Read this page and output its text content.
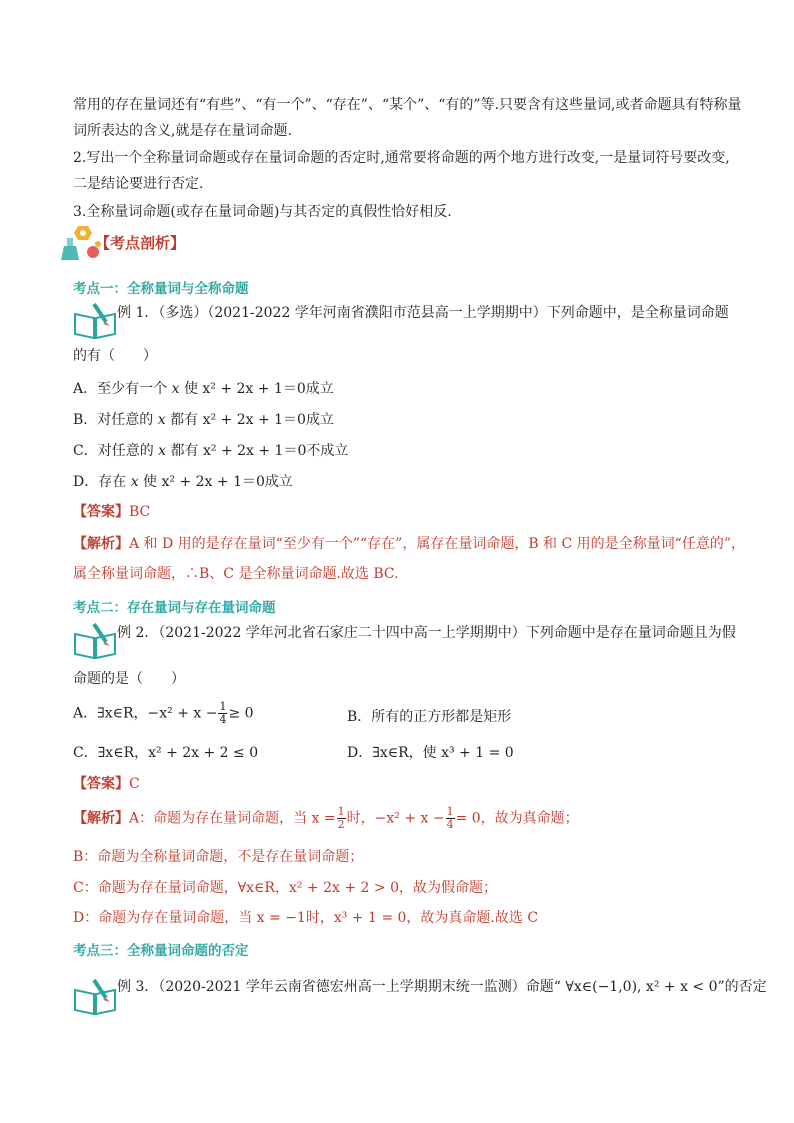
常用的存在量词还有“有些”、“有一个”、“存在”、“某个”、“有的”等.只要含有这些量词,或者命题具有特称量
词所表达的含义,就是存在量词命题.
2.写出一个全称量词命题或存在量词命题的否定时,通常要将命题的两个地方进行改变,一是量词符号要改变,
二是结论要进行否定.
3.全称量词命题(或存在量词命题)与其否定的真假性恰好相反.
【考点剖析】
考点一：全称量词与全称命题
例 1．（多选）（2021-2022 学年河南省濮阳市范县高一上学期期中）下列命题中，是全称量词命题
的有（　　）
A．至少有一个 x 使 x² + 2x + 1＝0成立
B．对任意的 x 都有 x² + 2x + 1＝0成立
C．对任意的 x 都有 x² + 2x + 1＝0不成立
D．存在 x 使 x² + 2x + 1＝0成立
【答案】BC
【解析】A 和 D 用的是存在量词“至少有一个”“存在”，属存在量词命题，B 和 C 用的是全称量词“任意的”，
属全称量词命题，∴B、C 是全称量词命题.故选 BC.
考点二：存在量词与存在量词命题
例 2．（2021-2022 学年河北省石家庄二十四中高一上学期期中）下列命题中是存在量词命题且为假
命题的是（　　）
A．∃x∈R，$-x^2 + x - \frac{1}{4} \ge 0$	B．所有的正方形都是矩形
C．∃x∈R，x² + 2x + 2 ≤ 0	D．∃x∈R，使 x³ + 1 = 0
【答案】C
【解析】A：命题为存在量词命题，当 $x = \frac{1}{2}$ 时，$-x^2 + x - \frac{1}{4} = 0$，故为真命题；
B：命题为全称量词命题，不是存在量词命题；
C：命题为存在量词命题，∀x∈R，x² + 2x + 2 > 0，故为假命题；
D：命题为存在量词命题，当 x = −1时，x³ + 1 = 0，故为真命题.故选 C
考点三：全称量词命题的否定
例 3．（2020-2021 学年云南省德宏州高一上学期期末统一监测）命题“ ∀x∈(−1,0), x² + x < 0”的否定
